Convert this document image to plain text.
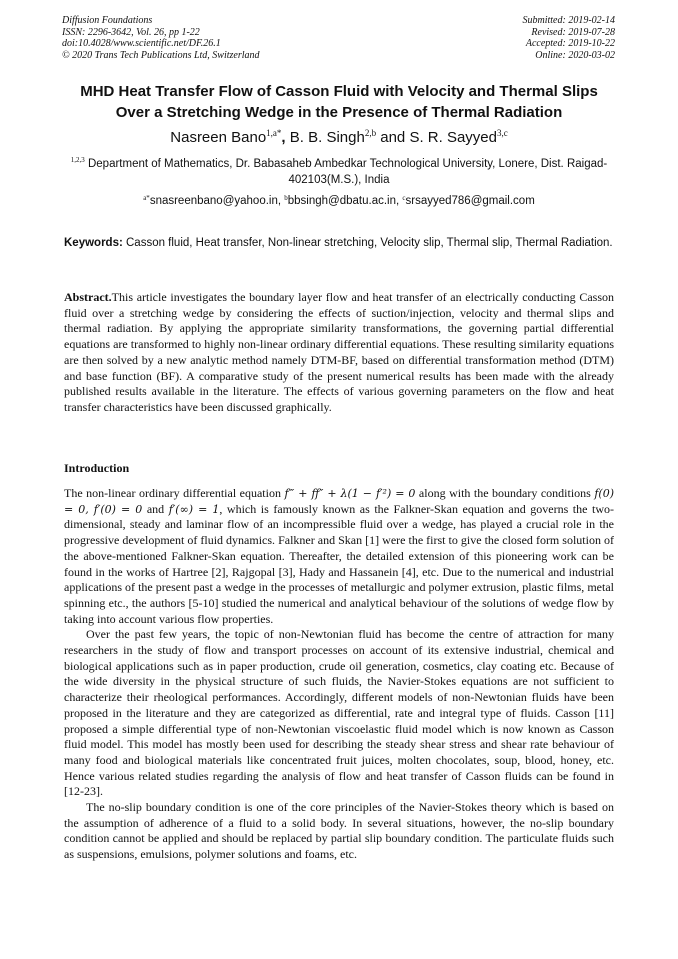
Diffusion Foundations
ISSN: 2296-3642, Vol. 26, pp 1-22
doi:10.4028/www.scientific.net/DF.26.1
© 2020 Trans Tech Publications Ltd, Switzerland
Submitted: 2019-02-14
Revised: 2019-07-28
Accepted: 2019-10-22
Online: 2020-03-02
MHD Heat Transfer Flow of Casson Fluid with Velocity and Thermal Slips
Over a Stretching Wedge in the Presence of Thermal Radiation
Nasreen Bano$^{1,a*}$, B. B. Singh$^{2,b}$ and S. R. Sayyed$^{3,c}$
$^{1,2,3}$ Department of Mathematics, Dr. Babasaheb Ambedkar Technological University, Lonere, Dist. Raigad-402103(M.S.), India
$^{a*}$snasreenbano@yahoo.in, $^b$bbsingh@dbatu.ac.in, $^c$srsayyed786@gmail.com
Keywords: Casson fluid, Heat transfer, Non-linear stretching, Velocity slip, Thermal slip, Thermal Radiation.
Abstract.This article investigates the boundary layer flow and heat transfer of an electrically conducting Casson fluid over a stretching wedge by considering the effects of suction/injection, velocity and thermal slips and thermal radiation. By applying the appropriate similarity transformations, the governing partial differential equations are transformed to highly non-linear ordinary differential equations. These resulting similarity equations are then solved by a new analytic method namely DTM-BF, based on differential transformation method (DTM) and base function (BF). A comparative study of the present numerical results has been made with the already published results available in the literature. The effects of various governing parameters on the flow and heat transfer characteristics have been discussed graphically.
Introduction

The non-linear ordinary differential equation f‴ + ff″ + λ(1 − f′²) = 0 along with the boundary conditions f(0) = 0, f′(0) = 0 and f′(∞) = 1, which is famously known as the Falkner-Skan equation and governs the two-dimensional, steady and laminar flow of an incompressible fluid over a wedge, has played a crucial role in the progressive development of fluid dynamics. Falkner and Skan [1] were the first to give the closed form solution of the above-mentioned Falkner-Skan equation. Thereafter, the detailed extension of this pioneering work can be found in the works of Hartree [2], Rajgopal [3], Hady and Hassanein [4], etc. Due to the numerical and industrial applications of the present past a wedge in the processes of metallurgic and polymer extrusion, plastic films, metal spinning etc., the authors [5-10] studied the numerical and analytical behaviour of the solutions of wedge flow by taking into account various flow properties.

Over the past few years, the topic of non-Newtonian fluid has become the centre of attraction for many researchers in the study of flow and transport processes on account of its extensive industrial, chemical and biological applications such as in paper production, crude oil generation, cosmetics, clay coating etc. Because of the wide diversity in the physical structure of such fluids, the Navier-Stokes equations are not sufficient to characterize their rheological performances. Accordingly, different models of non-Newtonian fluids have been proposed in the literature and they are categorized as differential, rate and integral type of fluids. Casson [11] proposed a simple differential type of non-Newtonian viscoelastic fluid model which is now known as Casson fluid model. This model has mostly been used for describing the steady shear stress and shear rate behaviour of many food and biological materials like concentrated fruit juices, molten chocolates, soup, blood, honey, etc. Hence various related studies regarding the analysis of flow and heat transfer of Casson fluids can be found in [12-23].

The no-slip boundary condition is one of the core principles of the Navier-Stokes theory which is based on the assumption of adherence of a fluid to a solid body. In several situations, however, the no-slip boundary condition cannot be applied and should be replaced by partial slip boundary condition. The particulate fluids such as suspensions, emulsions, polymer solutions and foams, etc.
